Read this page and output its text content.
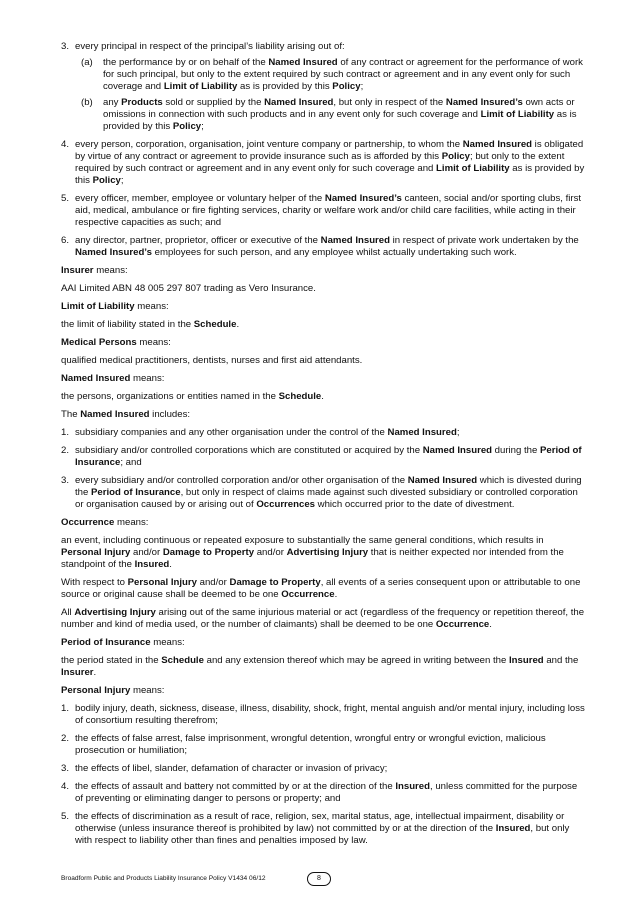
3. every principal in respect of the principal’s liability arising out of:
(a)	the performance by or on behalf of the Named Insured of any contract or agreement for the performance of work for such principal, but only to the extent required by such contract or agreement and in any event only for such coverage and Limit of Liability as is provided by this Policy;
(b)	any Products sold or supplied by the Named Insured, but only in respect of the Named Insured’s own acts or omissions in connection with such products and in any event only for such coverage and Limit of Liability as is provided by this Policy;
4. every person, corporation, organisation, joint venture company or partnership, to whom the Named Insured is obligated by virtue of any contract or agreement to provide insurance such as is afforded by this Policy; but only to the extent required by such contract or agreement and in any event only for such coverage and Limit of Liability as is provided by this Policy;
5. every officer, member, employee or voluntary helper of the Named Insured’s canteen, social and/or sporting clubs, first aid, medical, ambulance or fire fighting services, charity or welfare work and/or child care facilities, while acting in their respective capacities as such; and
6. any director, partner, proprietor, officer or executive of the Named Insured in respect of private work undertaken by the Named Insured’s employees for such person, and any employee whilst actually undertaking such work.
Insurer means:
AAI Limited ABN 48 005 297 807 trading as Vero Insurance.
Limit of Liability means:
the limit of liability stated in the Schedule.
Medical Persons means:
qualified medical practitioners, dentists, nurses and first aid attendants.
Named Insured means:
the persons, organizations or entities named in the Schedule.
The Named Insured includes:
1. subsidiary companies and any other organisation under the control of the Named Insured;
2. subsidiary and/or controlled corporations which are constituted or acquired by the Named Insured during the Period of Insurance; and
3. every subsidiary and/or controlled corporation and/or other organisation of the Named Insured which is divested during the Period of Insurance, but only in respect of claims made against such divested subsidiary or controlled corporation or organisation caused by or arising out of Occurrences which occurred prior to the date of divestment.
Occurrence means:
an event, including continuous or repeated exposure to substantially the same general conditions, which results in Personal Injury and/or Damage to Property and/or Advertising Injury that is neither expected nor intended from the standpoint of the Insured.
With respect to Personal Injury and/or Damage to Property, all events of a series consequent upon or attributable to one source or original cause shall be deemed to be one Occurrence.
All Advertising Injury arising out of the same injurious material or act (regardless of the frequency or repetition thereof, the number and kind of media used, or the number of claimants) shall be deemed to be one Occurrence.
Period of Insurance means:
the period stated in the Schedule and any extension thereof which may be agreed in writing between the Insured and the Insurer.
Personal Injury means:
1. bodily injury, death, sickness, disease, illness, disability, shock, fright, mental anguish and/or mental injury, including loss of consortium resulting therefrom;
2. the effects of false arrest, false imprisonment, wrongful detention, wrongful entry or wrongful eviction, malicious prosecution or humiliation;
3. the effects of libel, slander, defamation of character or invasion of privacy;
4. the effects of assault and battery not committed by or at the direction of the Insured, unless committed for the purpose of preventing or eliminating danger to persons or property; and
5. the effects of discrimination as a result of race, religion, sex, marital status, age, intellectual impairment, disability or otherwise (unless insurance thereof is prohibited by law) not committed by or at the direction of the Insured, but only with respect to liability other than fines and penalties imposed by law.
Broadform Public and Products Liability Insurance Policy V1434 06/12	8
